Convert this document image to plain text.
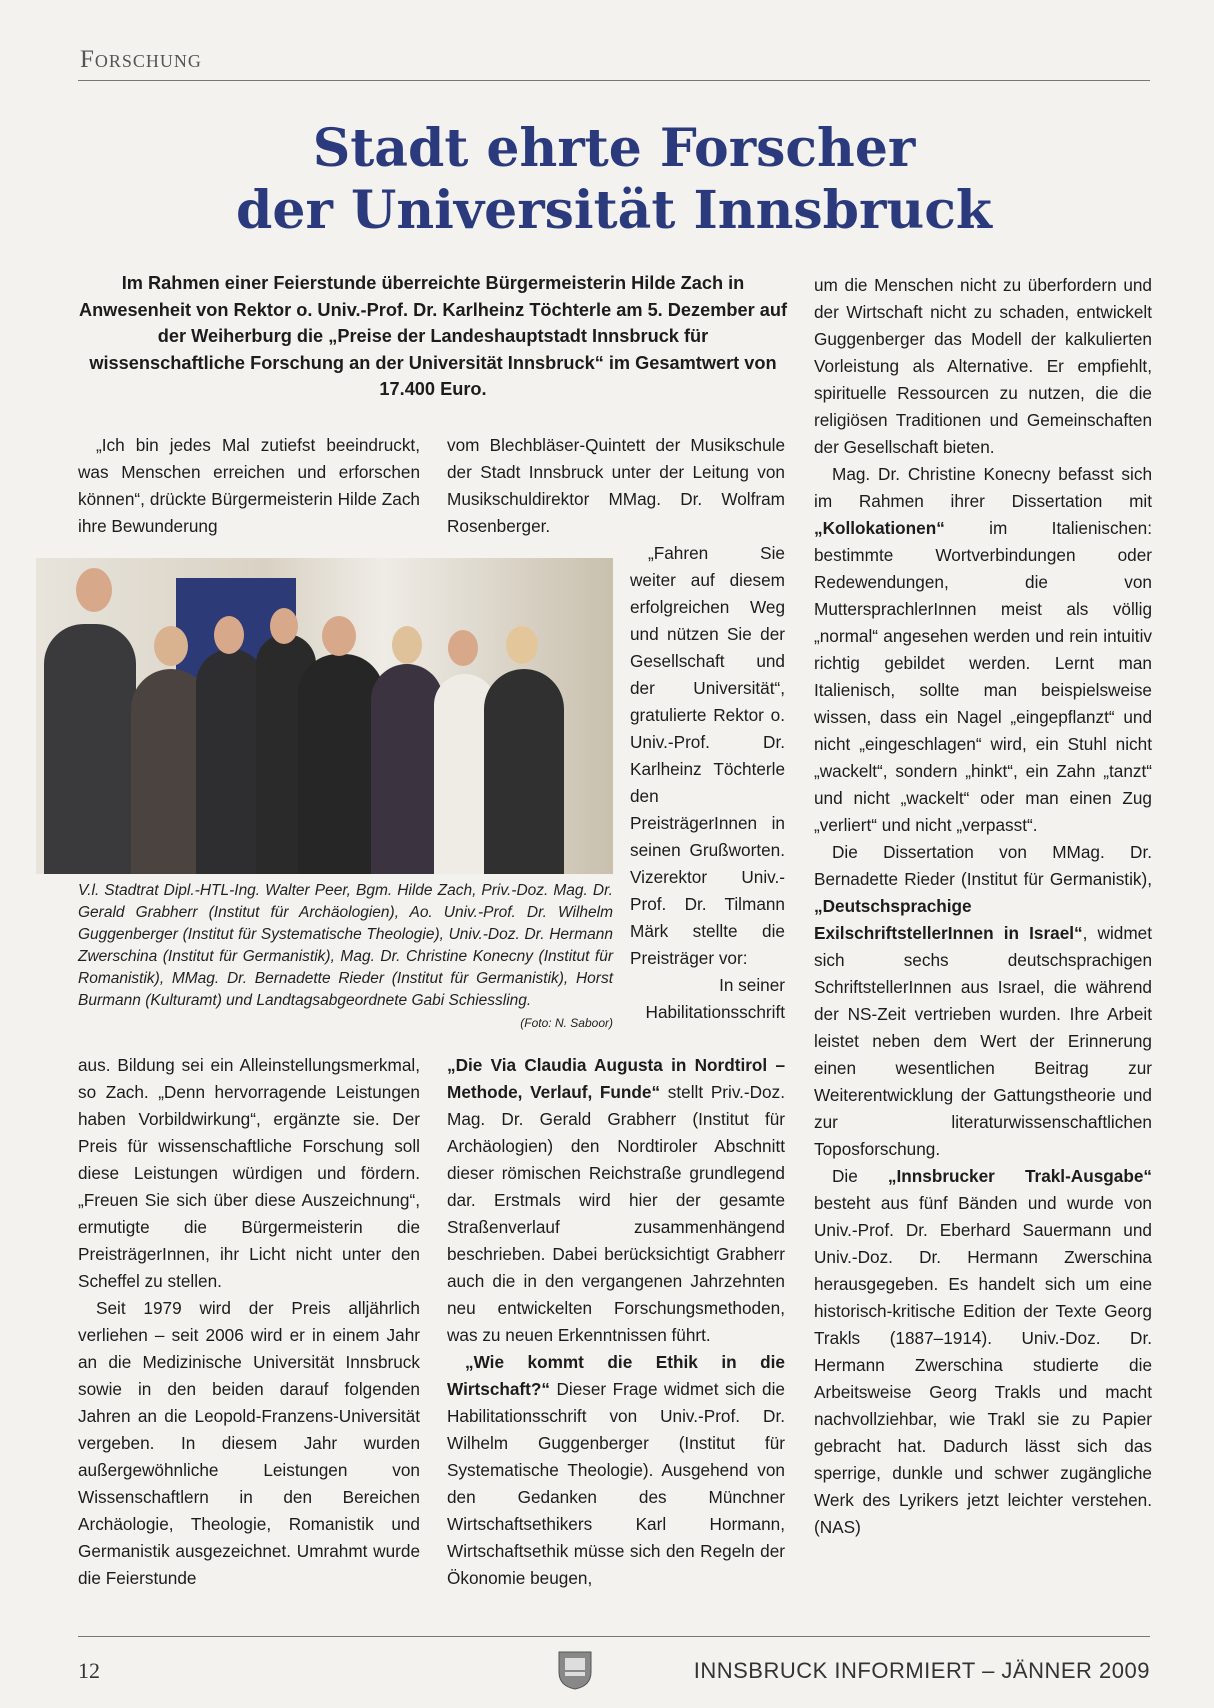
Forschung
Stadt ehrte Forscher
der Universität Innsbruck
Im Rahmen einer Feierstunde überreichte Bürgermeisterin Hilde Zach in Anwesenheit von Rektor o. Univ.-Prof. Dr. Karlheinz Töchterle am 5. Dezember auf der Weiherburg die „Preise der Landeshauptstadt Innsbruck für wissenschaftliche Forschung an der Universität Innsbruck“ im Gesamtwert von 17.400 Euro.

„Ich bin jedes Mal zutiefst beeindruckt, was Menschen erreichen und erforschen können“, drückte Bürgermeisterin Hilde Zach ihre Bewunderung

vom Blechbläser-Quintett der Musikschule der Stadt Innsbruck unter der Leitung von Musikschuldirektor MMag. Dr. Wolfram Rosenberger.

„Fahren Sie weiter auf diesem erfolgreichen Weg und nützen Sie der Gesellschaft und der Universität“, gratulierte Rektor o. Univ.-Prof. Dr. Karlheinz Töchterle den PreisträgerInnen in seinen Grußworten. Vizerektor Univ.-Prof. Dr. Tilmann Märk stellte die Preisträger vor:

In seiner Habilitationsschrift

V.l. Stadtrat Dipl.-HTL-Ing. Walter Peer, Bgm. Hilde Zach, Priv.-Doz. Mag. Dr. Gerald Grabherr (Institut für Archäologien), Ao. Univ.-Prof. Dr. Wilhelm Guggenberger (Institut für Systematische Theologie), Univ.-Doz. Dr. Hermann Zwerschina (Institut für Germanistik), Mag. Dr. Christine Konecny (Institut für Romanistik), MMag. Dr. Bernadette Rieder (Institut für Germanistik), Horst Burmann (Kulturamt) und Landtagsabgeordnete Gabi Schiessling.
(Foto: N. Saboor)

aus. Bildung sei ein Alleinstellungsmerkmal, so Zach. „Denn hervorragende Leistungen haben Vorbildwirkung“, ergänzte sie. Der Preis für wissenschaftliche Forschung soll diese Leistungen würdigen und fördern. „Freuen Sie sich über diese Auszeichnung“, ermutigte die Bürgermeisterin die PreisträgerInnen, ihr Licht nicht unter den Scheffel zu stellen.

Seit 1979 wird der Preis alljährlich verliehen – seit 2006 wird er in einem Jahr an die Medizinische Universität Innsbruck sowie in den beiden darauf folgenden Jahren an die Leopold-Franzens-Universität vergeben. In diesem Jahr wurden außergewöhnliche Leistungen von Wissenschaftlern in den Bereichen Archäologie, Theologie, Romanistik und Germanistik ausgezeichnet. Umrahmt wurde die Feierstunde

„Die Via Claudia Augusta in Nordtirol – Methode, Verlauf, Funde“ stellt Priv.-Doz. Mag. Dr. Gerald Grabherr (Institut für Archäologien) den Nordtiroler Abschnitt dieser römischen Reichstraße grundlegend dar. Erstmals wird hier der gesamte Straßenverlauf zusammenhängend beschrieben. Dabei berücksichtigt Grabherr auch die in den vergangenen Jahrzehnten neu entwickelten Forschungsmethoden, was zu neuen Erkenntnissen führt.

„Wie kommt die Ethik in die Wirtschaft?“ Dieser Frage widmet sich die Habilitationsschrift von Univ.-Prof. Dr. Wilhelm Guggenberger (Institut für Systematische Theologie). Ausgehend von den Gedanken des Münchner Wirtschaftsethikers Karl Hormann, Wirtschaftsethik müsse sich den Regeln der Ökonomie beugen,

um die Menschen nicht zu überfordern und der Wirtschaft nicht zu schaden, entwickelt Guggenberger das Modell der kalkulierten Vorleistung als Alternative. Er empfiehlt, spirituelle Ressourcen zu nutzen, die die religiösen Traditionen und Gemeinschaften der Gesellschaft bieten.

Mag. Dr. Christine Konecny befasst sich im Rahmen ihrer Dissertation mit „Kollokationen“ im Italienischen: bestimmte Wortverbindungen oder Redewendungen, die von MuttersprachlerInnen meist als völlig „normal“ angesehen werden und rein intuitiv richtig gebildet werden. Lernt man Italienisch, sollte man beispielsweise wissen, dass ein Nagel „eingepflanzt“ und nicht „eingeschlagen“ wird, ein Stuhl nicht „wackelt“, sondern „hinkt“, ein Zahn „tanzt“ und nicht „wackelt“ oder man einen Zug „verliert“ und nicht „verpasst“.

Die Dissertation von MMag. Dr. Bernadette Rieder (Institut für Germanistik), „Deutschsprachige ExilschriftstellerInnen in Israel“, widmet sich sechs deutschsprachigen SchriftstellerInnen aus Israel, die während der NS-Zeit vertrieben wurden. Ihre Arbeit leistet neben dem Wert der Erinnerung einen wesentlichen Beitrag zur Weiterentwicklung der Gattungstheorie und zur literaturwissenschaftlichen Toposforschung.

Die „Innsbrucker Trakl-Ausgabe“ besteht aus fünf Bänden und wurde von Univ.-Prof. Dr. Eberhard Sauermann und Univ.-Doz. Dr. Hermann Zwerschina herausgegeben. Es handelt sich um eine historisch-kritische Edition der Texte Georg Trakls (1887–1914). Univ.-Doz. Dr. Hermann Zwerschina studierte die Arbeitsweise Georg Trakls und macht nachvollziehbar, wie Trakl sie zu Papier gebracht hat. Dadurch lässt sich das sperrige, dunkle und schwer zugängliche Werk des Lyrikers jetzt leichter verstehen. (NAS)

12	INNSBRUCK INFORMIERT – JÄNNER 2009
